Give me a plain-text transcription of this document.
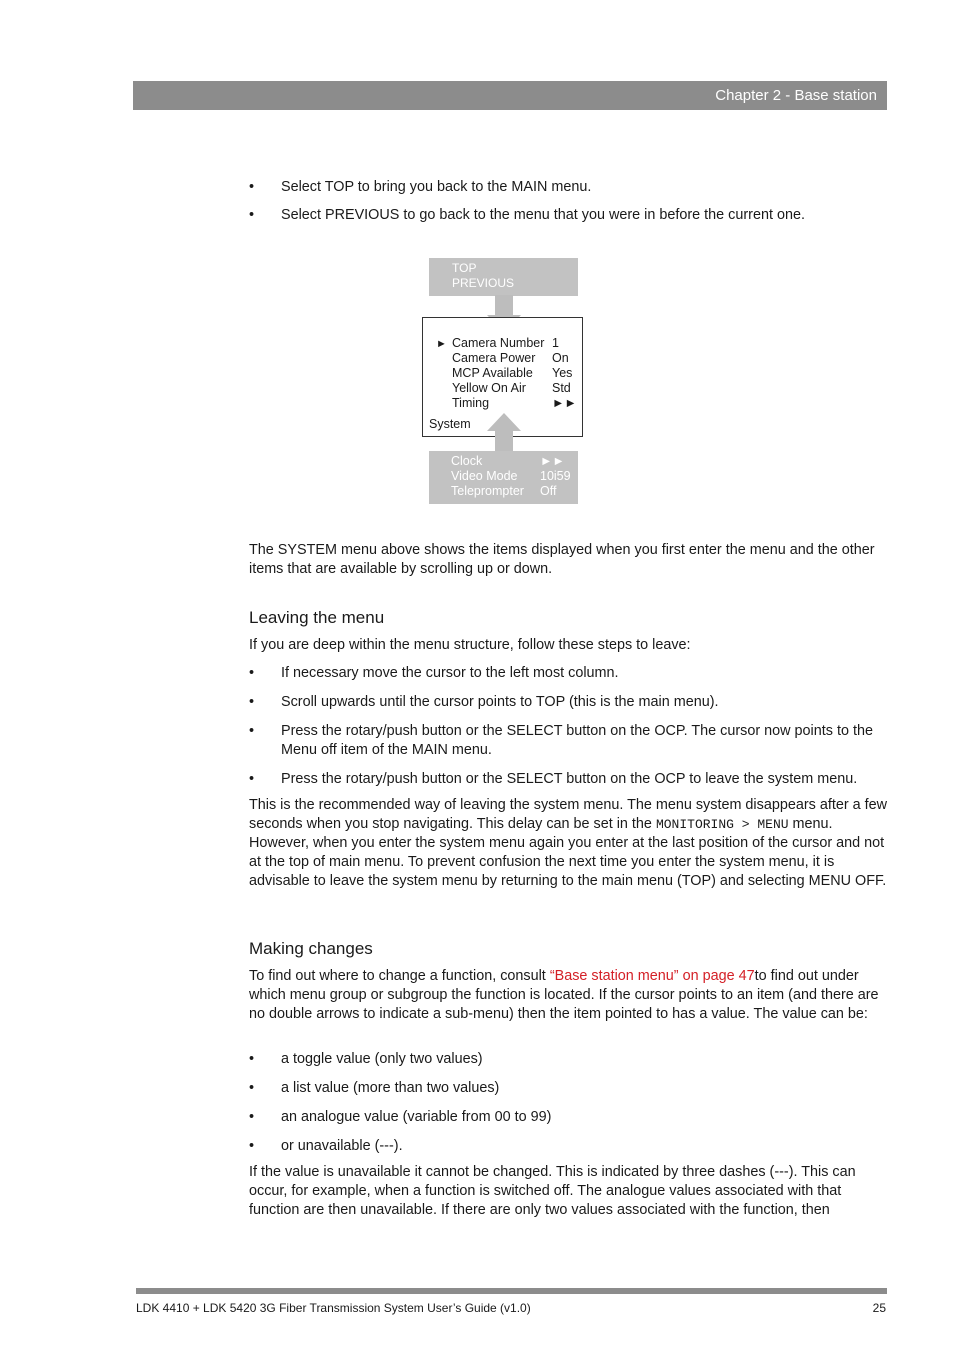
Chapter 2 - Base station
• Select TOP to bring you back to the MAIN menu.
• Select PREVIOUS to go back to the menu that you were in before the current one.
TOP
PREVIOUS
► Camera Number 1
Camera Power On
MCP Available Yes
Yellow On Air Std
Timing	►►
System
Clock	►►
Video Mode 10i59
Teleprompter Off
The SYSTEM menu above shows the items displayed when you first enter the menu and the other items that are available by scrolling up or down.
Leaving the menu
If you are deep within the menu structure, follow these steps to leave:
• If necessary move the cursor to the left most column.
• Scroll upwards until the cursor points to TOP (this is the main menu).
• Press the rotary/push button or the SELECT button on the OCP. The cursor now points to the Menu off item of the MAIN menu.
• Press the rotary/push button or the SELECT button on the OCP to leave the system menu.
This is the recommended way of leaving the system menu. The menu system disappears after a few seconds when you stop navigating. This delay can be set in the MONITORING > MENU menu. However, when you enter the system menu again you enter at the last position of the cursor and not at the top of main menu. To prevent confusion the next time you enter the system menu, it is advisable to leave the system menu by returning to the main menu (TOP) and selecting MENU OFF.
Making changes
To find out where to change a function, consult “Base station menu” on page 47to find out under which menu group or subgroup the function is located. If the cursor points to an item (and there are no double arrows to indicate a sub-menu) then the item pointed to has a value. The value can be:
• a toggle value (only two values)
• a list value (more than two values)
• an analogue value (variable from 00 to 99)
• or unavailable (---).
If the value is unavailable it cannot be changed. This is indicated by three dashes (---). This can occur, for example, when a function is switched off. The analogue values associated with that function are then unavailable. If there are only two values associated with the function, then
LDK 4410 + LDK 5420 3G Fiber Transmission System User’s Guide (v1.0)	25
